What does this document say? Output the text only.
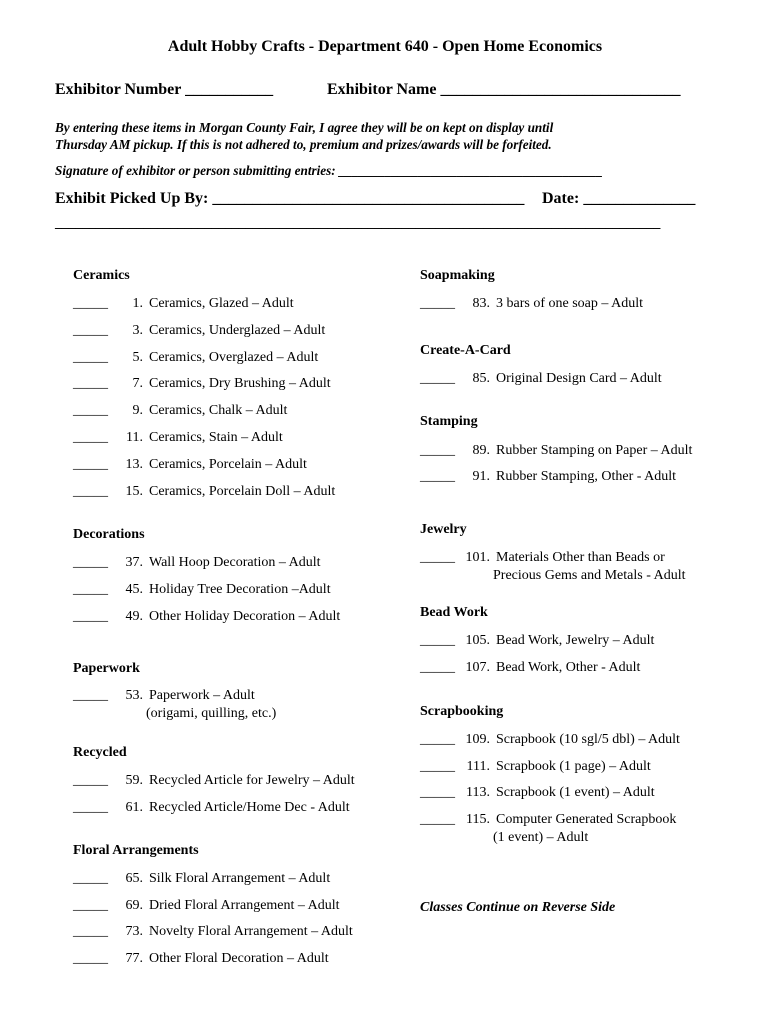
Adult Hobby Crafts - Department 640 - Open Home Economics
Exhibitor Number ___________	Exhibitor Name ______________________________
By entering these items in Morgan County Fair, I agree they will be on kept on display until
Thursday AM pickup. If this is not adhered to, premium and prizes/awards will be forfeited.
Signature of exhibitor or person submitting entries: ________________________________________
Exhibit Picked Up By: _______________________________________ Date: ______________
_________________________________________________________________________________________
Ceramics
Decorations
Paperwork
Recycled
Floral Arrangements
Soapmaking
Create-A-Card
Stamping
Jewelry
Bead Work
Scrapbooking
_____ 1. Ceramics, Glazed – Adult
_____ 3. Ceramics, Underglazed – Adult
_____ 5. Ceramics, Overglazed – Adult
_____ 7. Ceramics, Dry Brushing – Adult
_____ 9. Ceramics, Chalk – Adult
_____ 11. Ceramics, Stain – Adult
_____ 13. Ceramics, Porcelain – Adult
_____ 15. Ceramics, Porcelain Doll – Adult
_____ 37. Wall Hoop Decoration – Adult
_____ 45. Holiday Tree Decoration –Adult
_____ 49. Other Holiday Decoration – Adult
_____ 53. Paperwork – Adult
(origami, quilling, etc.)
_____ 59. Recycled Article for Jewelry – Adult
_____ 61. Recycled Article/Home Dec - Adult
_____ 65. Silk Floral Arrangement – Adult
_____ 69. Dried Floral Arrangement – Adult
_____ 73. Novelty Floral Arrangement – Adult
_____ 77. Other Floral Decoration – Adult
_____ 83. 3 bars of one soap – Adult
_____ 85. Original Design Card – Adult
_____ 89. Rubber Stamping on Paper – Adult
_____ 91. Rubber Stamping, Other - Adult
_____ 101. Materials Other than Beads or
Precious Gems and Metals - Adult
_____ 105. Bead Work, Jewelry – Adult
_____ 107. Bead Work, Other - Adult
_____ 109. Scrapbook (10 sgl/5 dbl) – Adult
_____ 111. Scrapbook (1 page) – Adult
_____ 113. Scrapbook (1 event) – Adult
_____ 115. Computer Generated Scrapbook
(1 event) – Adult
Classes Continue on Reverse Side
